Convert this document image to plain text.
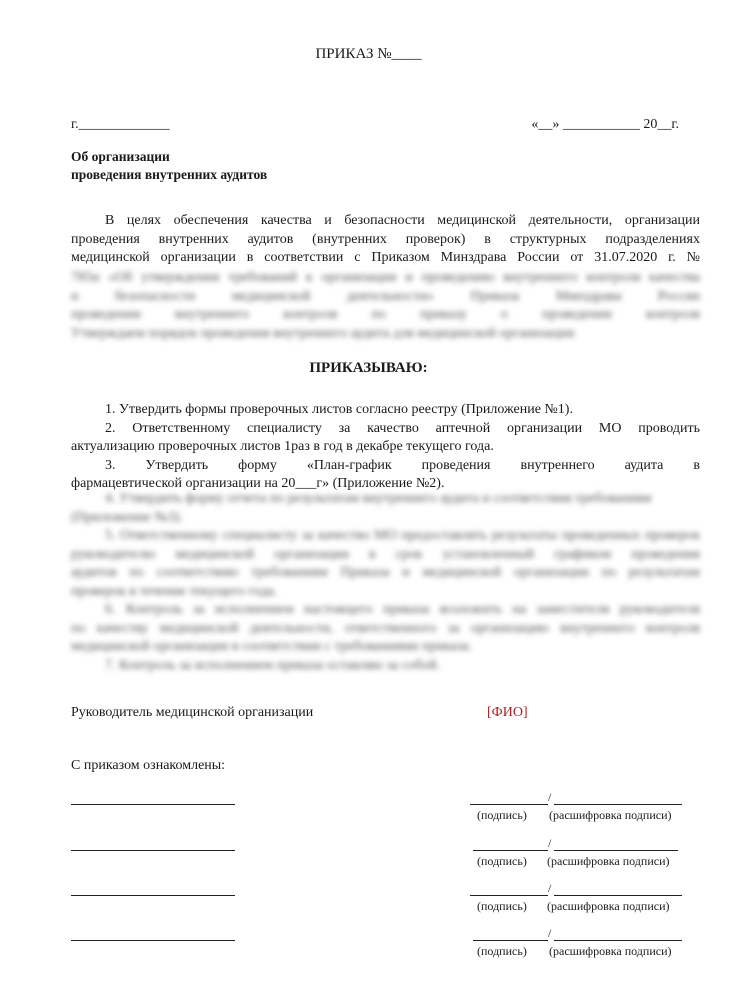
ПРИКАЗ №____
г._____________	«__» ___________ 20__г.
Об организации
проведения внутренних аудитов
В целях обеспечения качества и безопасности медицинской деятельности, организации
проведения внутренних аудитов (внутренних проверок) в структурных подразделениях
медицинской организации в соответствии с Приказом Минздрава России от 31.07.2020 г. №
785н «Об утверждении требований к организации и проведению внутреннего контроля качества
и безопасности медицинской деятельности» Приказа Минздрава России
проведении внутреннего контроля по приказу о проведении контроля
Утверждаем порядок проведения внутреннего аудита для медицинской организации
ПРИКАЗЫВАЮ:
1. Утвердить формы проверочных листов согласно реестру (Приложение №1).
2. Ответственному специалисту за качество аптечной организации МО проводить
актуализацию проверочных листов 1раз в год в декабре текущего года.
3. Утвердить форму «План-график проведения внутреннего аудита в
фармацевтической организации на 20___г» (Приложение №2).
4. Утвердить форму отчета по результатам внутреннего аудита и соответствия требованиям
(Приложение №3).
5. Ответственному специалисту за качество МО предоставлять результаты проведенных проверок
руководителю медицинской организации в срок установленный графиком проведения
аудитов по соответствию требованиям Приказа и медицинской организации по результатам
проверок в течение текущего года.
6. Контроль за исполнением настоящего приказа возложить на заместителя руководителя
по качеству медицинской деятельности, ответственного за организацию внутреннего контроля
медицинской организации в соответствии с требованиями приказа.
7. Контроль за исполнением приказа оставляю за собой.
Руководитель медицинской организации	[ФИО]
С приказом ознакомлены:
/
(подпись) (расшифровка подписи)
/
(подпись) (расшифровка подписи)
/
(подпись) (расшифровка подписи)
/
(подпись) (расшифровка подписи)
